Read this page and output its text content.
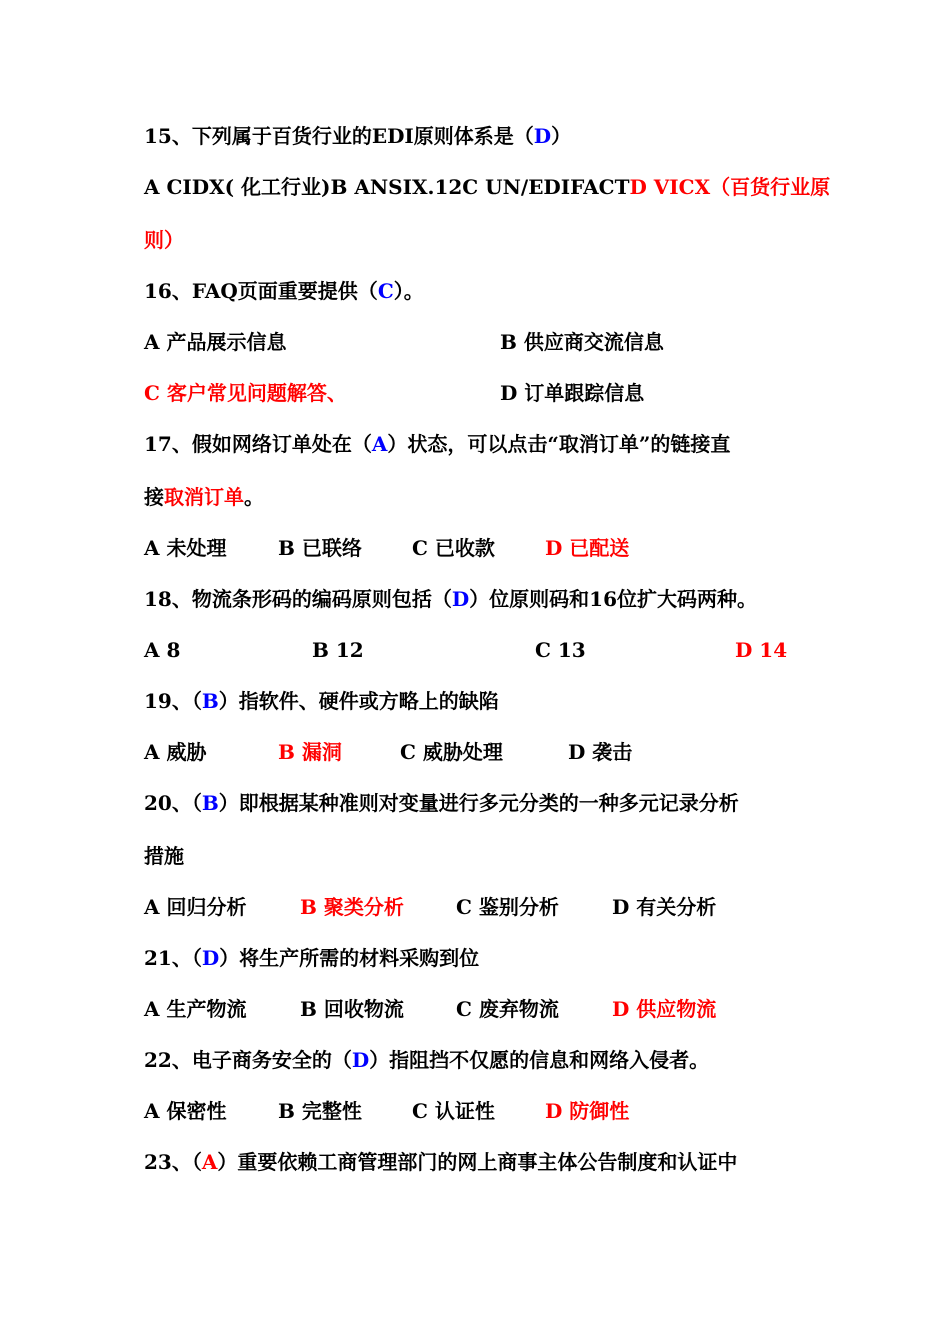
15、下列属于百货行业的EDI原则体系是（D）
A CIDX( 化工行业)B ANSIX.12C UN/EDIFACTD VICX（百货行业原
则）
16、FAQ页面重要提供（C）。
A 产品展示信息	B 供应商交流信息
C 客户常见问题解答、	D 订单跟踪信息
17、假如网络订单处在（A）状态，可以点击“取消订单”的链接直
接取消订单。
A 未处理	B 已联络	C 已收款	D 已配送
18、物流条形码的编码原则包括（D）位原则码和16位扩大码两种。
A 8	B 12	C 13	D 14
19、（B）指软件、硬件或方略上的缺陷
A 威胁	B 漏洞	C 威胁处理	D 袭击
20、（B）即根据某种准则对变量进行多元分类的一种多元记录分析
措施
A 回归分析	B 聚类分析	C 鉴别分析	D 有关分析
21、（D）将生产所需的材料采购到位
A 生产物流	B 回收物流	C 废弃物流	D 供应物流
22、电子商务安全的（D）指阻挡不仅愿的信息和网络入侵者。
A 保密性	B 完整性	C 认证性	D 防御性
23、（A）重要依赖工商管理部门的网上商事主体公告制度和认证中
